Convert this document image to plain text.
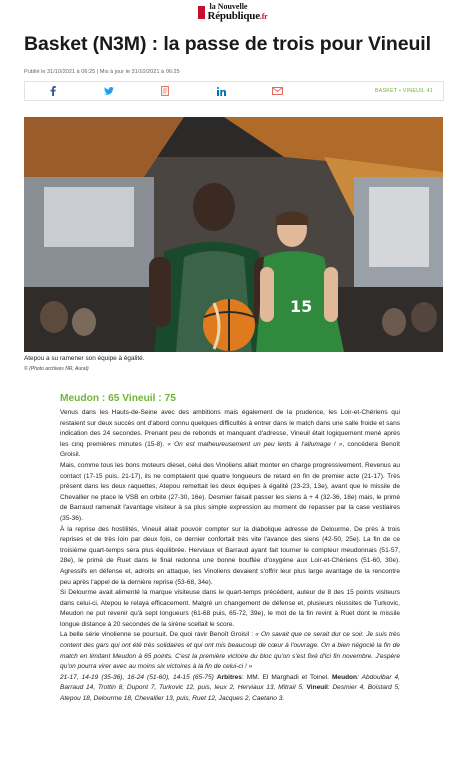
la Nouvelle
République.fr
Basket (N3M) : la passe de trois pour Vineuil
Publié le 31/10/2021 à 06:25 | Mis à jour le 31/10/2021 à 06:25
BASKET • VINEUIL 41
15
Atepou a su ramener son équipe à égalité.
© (Photo archives NR, Aurat)
Meudon : 65 Vineuil : 75

Venus dans les Hauts-de-Seine avec des ambitions mais également de la prudence, les Loir-et-Chériens qui restaient sur deux succès ont d'abord connu quelques difficultés à entrer dans le match dans une salle froide et sans indication des 24 secondes. Prenant peu de rebonds et manquant d'adresse, Vineuil était logiquement mené après les cinq premières minutes (15-8). « On est malheureusement un peu lents à l'allumage ! », concédera Benoît Groisil.

Mais, comme tous les bons moteurs diesel, celui des Vinoliens allait monter en charge progressivement. Revenus au contact (17-15 puis, 21-17), ils ne comptaient que quatre longueurs de retard en fin de premier acte (21-17). Très présent dans les deux raquettes, Atepou remettait les deux équipes à égalité (23-23, 13e), avant que le missile de Chevallier ne place le VSB en orbite (27-30, 16e). Desmier faisait passer les siens à + 4 (32-36, 18e) mais, le primé de Barraud ramenait l'avantage visiteur à sa plus simple expression au moment de repasser par la case vestiaires (35-36).

À la reprise des hostilités, Vineuil allait pouvoir compter sur la diabolique adresse de Delourme. De près à trois reprises et de très loin par deux fois, ce dernier confortait très vite l'avance des siens (42-50, 25e). La fin de ce troisième quart-temps sera plus équilibrée. Herviaux et Barraud ayant fait tourner le compteur meudonnais (51-57, 28e), le primé de Ruet dans le final redonna une bonne bouffée d'oxygène aux Loir-et-Chériens (51-60, 30e). Agressifs en défense et, adroits en attaque, les Vinoliens devaient s'offrir leur plus large avantage de la rencontre peu après l'appel de la dernière reprise (53-68, 34e).

Si Delourme avait alimenté la marque visiteuse dans le quart-temps précédent, auteur de 8 des 15 points visiteurs dans celui-ci, Atepou le relaya efficacement. Malgré un changement de défense et, plusieurs réussites de Turkovic, Meudon ne put revenir qu'à sept longueurs (61-68 puis, 65-72, 39e), le mot de la fin revint à Ruet dont le missile longue distance à 20 secondes de la sirène scellait le score.

La belle série vinolienne se poursuit. De quoi ravir Benoît Groisil : « On savait que ce serait dur ce soir. Je suis très content des gars qui ont été très solidaires et qui ont mis beaucoup de cœur à l'ouvrage. On a bien négocié la fin de match en limitant Meudon à 65 points. C'est la première victoire du bloc qu'on s'est fixé d'ici fin novembre. J'espère qu'on pourra virer avec au moins six victoires à la fin de celui-ci ! »

21-17, 14-19 (35-36), 16-24 (51-60), 14-15 (65-75) Arbitres: MM. El Marghadi et Toinel. Meudon: Abdoulbar 4, Barraud 14, Trottin 8, Dupont 7, Turkovic 12, puis, Ieux 2, Herviaux 13, Mitrail 5. Vineuil: Desmier 4, Boistard 5, Atepou 18, Delourme 18, Chevallier 13, puis, Ruet 12, Jacques 2, Caetano 3.
